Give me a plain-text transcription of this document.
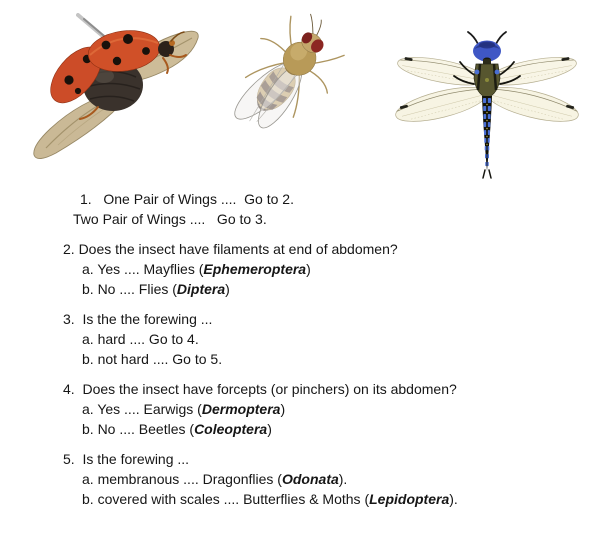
1.   One Pair of Wings ....  Go to 2.
Two Pair of Wings ....   Go to 3.
2. Does the insect have filaments at end of abdomen?
a. Yes .... Mayflies (Ephemeroptera)
b. No .... Flies (Diptera)
3.  Is the the forewing ...
a. hard .... Go to 4.
b. not hard .... Go to 5.
4.  Does the insect have forcepts (or pinchers) on its abdomen?
a. Yes .... Earwigs (Dermoptera)
b. No .... Beetles (Coleoptera)
5.  Is the forewing ...
a. membranous .... Dragonflies (Odonata).
b. covered with scales .... Butterflies & Moths (Lepidoptera).
